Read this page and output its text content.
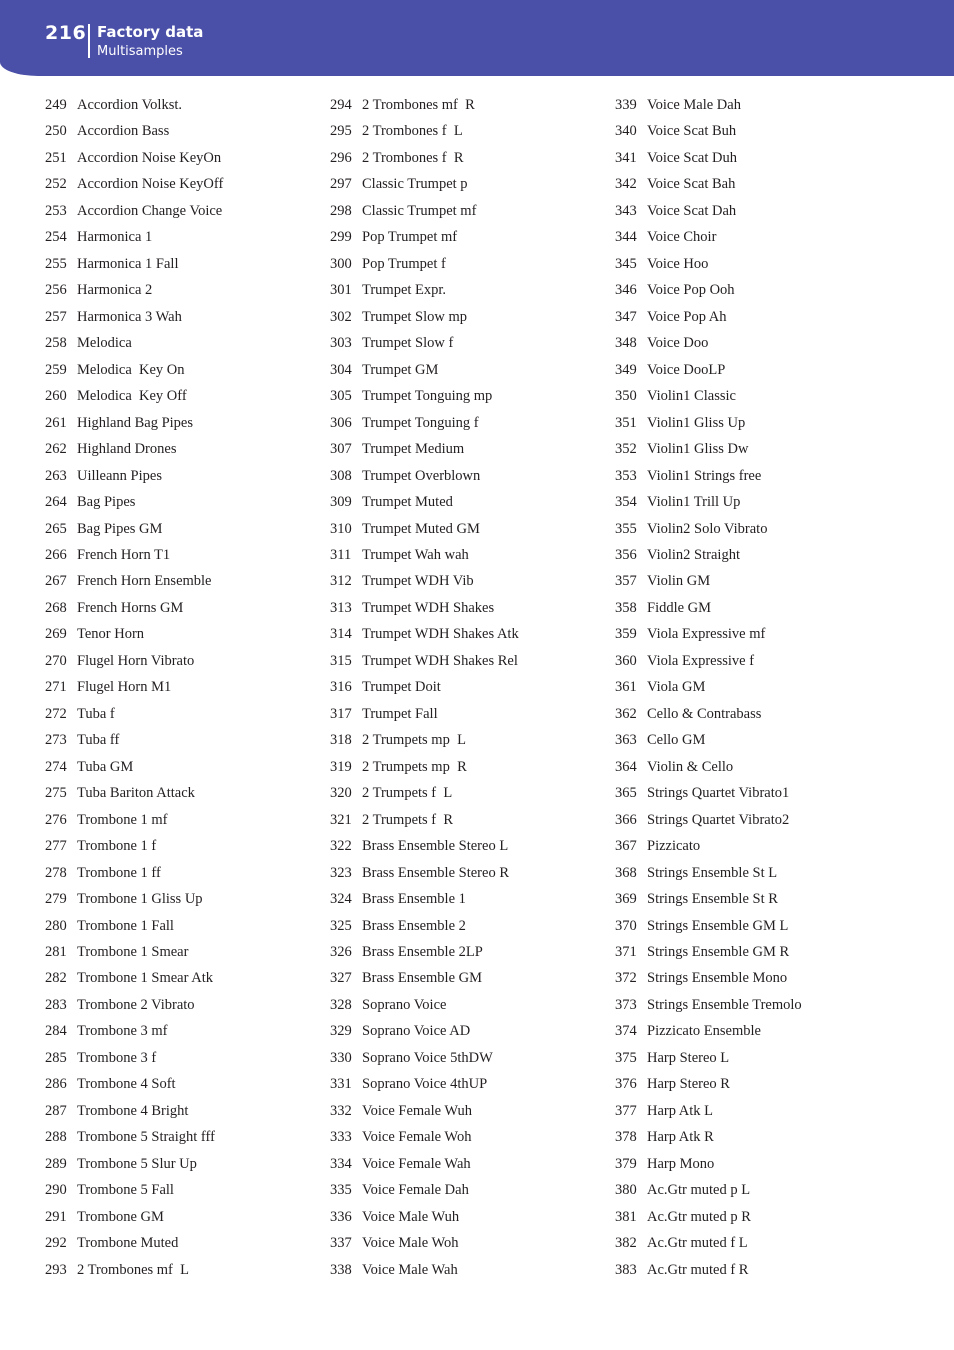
216 Factory data
Multisamples
249 Accordion Volkst.
250 Accordion Bass
251 Accordion Noise KeyOn
252 Accordion Noise KeyOff
253 Accordion Change Voice
254 Harmonica 1
255 Harmonica 1 Fall
256 Harmonica 2
257 Harmonica 3 Wah
258 Melodica
259 Melodica  Key On
260 Melodica  Key Off
261 Highland Bag Pipes
262 Highland Drones
263 Uilleann Pipes
264 Bag Pipes
265 Bag Pipes GM
266 French Horn T1
267 French Horn Ensemble
268 French Horns GM
269 Tenor Horn
270 Flugel Horn Vibrato
271 Flugel Horn M1
272 Tuba f
273 Tuba ff
274 Tuba GM
275 Tuba Bariton Attack
276 Trombone 1 mf
277 Trombone 1 f
278 Trombone 1 ff
279 Trombone 1 Gliss Up
280 Trombone 1 Fall
281 Trombone 1 Smear
282 Trombone 1 Smear Atk
283 Trombone 2 Vibrato
284 Trombone 3 mf
285 Trombone 3 f
286 Trombone 4 Soft
287 Trombone 4 Bright
288 Trombone 5 Straight fff
289 Trombone 5 Slur Up
290 Trombone 5 Fall
291 Trombone GM
292 Trombone Muted
293 2 Trombones mf  L
294 2 Trombones mf  R
295 2 Trombones f  L
296 2 Trombones f  R
297 Classic Trumpet p
298 Classic Trumpet mf
299 Pop Trumpet mf
300 Pop Trumpet f
301 Trumpet Expr.
302 Trumpet Slow mp
303 Trumpet Slow f
304 Trumpet GM
305 Trumpet Tonguing mp
306 Trumpet Tonguing f
307 Trumpet Medium
308 Trumpet Overblown
309 Trumpet Muted
310 Trumpet Muted GM
311 Trumpet Wah wah
312 Trumpet WDH Vib
313 Trumpet WDH Shakes
314 Trumpet WDH Shakes Atk
315 Trumpet WDH Shakes Rel
316 Trumpet Doit
317 Trumpet Fall
318 2 Trumpets mp  L
319 2 Trumpets mp  R
320 2 Trumpets f  L
321 2 Trumpets f  R
322 Brass Ensemble Stereo L
323 Brass Ensemble Stereo R
324 Brass Ensemble 1
325 Brass Ensemble 2
326 Brass Ensemble 2LP
327 Brass Ensemble GM
328 Soprano Voice
329 Soprano Voice AD
330 Soprano Voice 5thDW
331 Soprano Voice 4thUP
332 Voice Female Wuh
333 Voice Female Woh
334 Voice Female Wah
335 Voice Female Dah
336 Voice Male Wuh
337 Voice Male Woh
338 Voice Male Wah
339 Voice Male Dah
340 Voice Scat Buh
341 Voice Scat Duh
342 Voice Scat Bah
343 Voice Scat Dah
344 Voice Choir
345 Voice Hoo
346 Voice Pop Ooh
347 Voice Pop Ah
348 Voice Doo
349 Voice DooLP
350 Violin1 Classic
351 Violin1 Gliss Up
352 Violin1 Gliss Dw
353 Violin1 Strings free
354 Violin1 Trill Up
355 Violin2 Solo Vibrato
356 Violin2 Straight
357 Violin GM
358 Fiddle GM
359 Viola Expressive mf
360 Viola Expressive f
361 Viola GM
362 Cello & Contrabass
363 Cello GM
364 Violin & Cello
365 Strings Quartet Vibrato1
366 Strings Quartet Vibrato2
367 Pizzicato
368 Strings Ensemble St L
369 Strings Ensemble St R
370 Strings Ensemble GM L
371 Strings Ensemble GM R
372 Strings Ensemble Mono
373 Strings Ensemble Tremolo
374 Pizzicato Ensemble
375 Harp Stereo L
376 Harp Stereo R
377 Harp Atk L
378 Harp Atk R
379 Harp Mono
380 Ac.Gtr muted p L
381 Ac.Gtr muted p R
382 Ac.Gtr muted f L
383 Ac.Gtr muted f R
